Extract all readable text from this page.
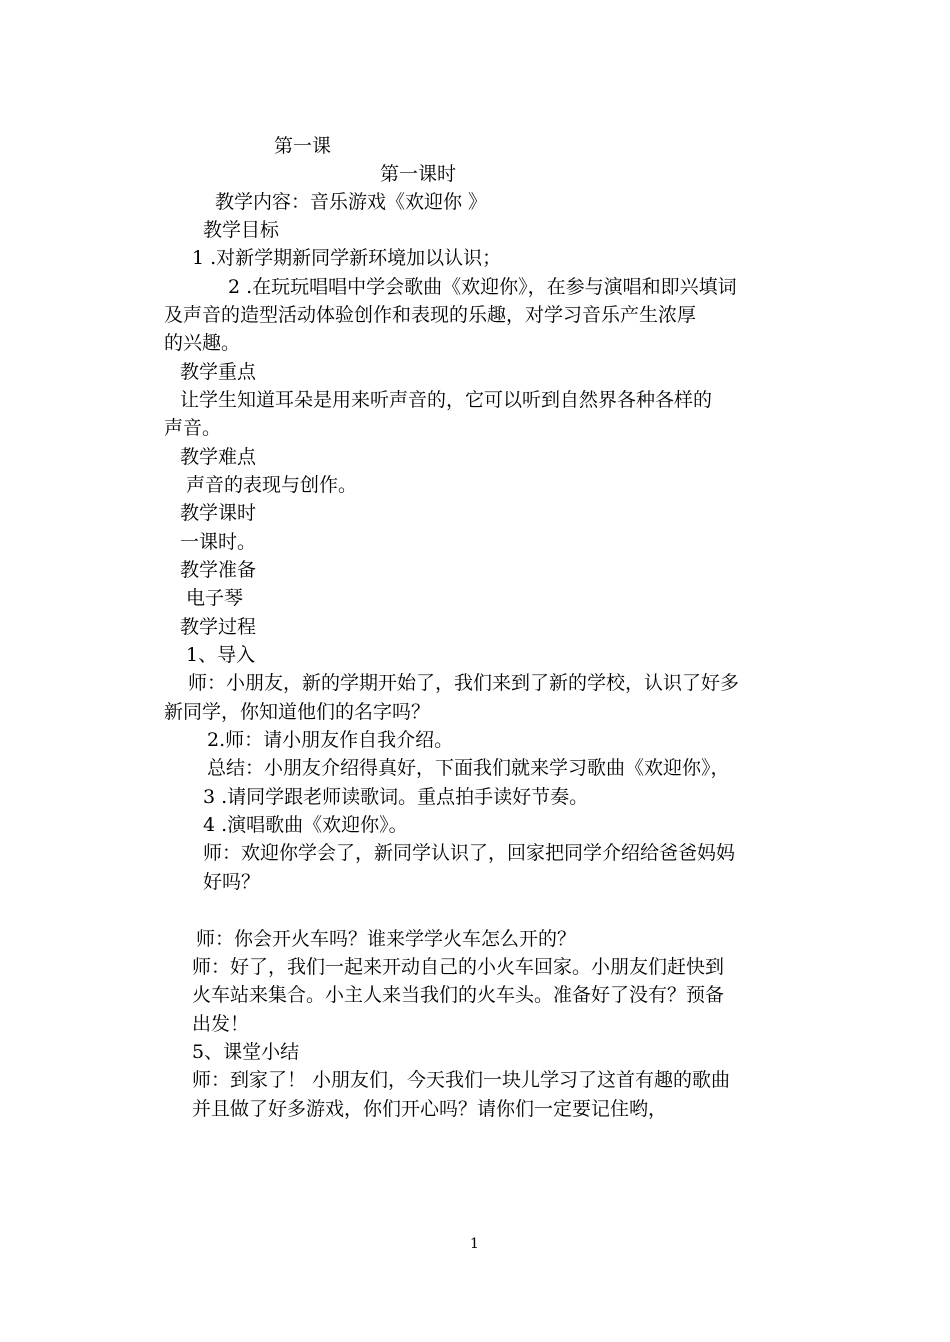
第一课

第一课时

教学内容：音乐游戏《欢迎你 》

教学目标

1 .对新学期新同学新环境加以认识；

2 .在玩玩唱唱中学会歌曲《欢迎你》，在参与演唱和即兴填词

及声音的造型活动体验创作和表现的乐趣，对学习音乐产生浓厚

的兴趣。

教学重点

让学生知道耳朵是用来听声音的，它可以听到自然界各种各样的

声音。

教学难点

声音的表现与创作。

教学课时

一课时。

教学准备

电子琴

教学过程

1、导入

师：小朋友，新的学期开始了，我们来到了新的学校，认识了好多

新同学，你知道他们的名字吗？

2.师：请小朋友作自我介绍。

总结：小朋友介绍得真好，下面我们就来学习歌曲《欢迎你》，

3 .请同学跟老师读歌词。重点拍手读好节奏。

4 .演唱歌曲《欢迎你》。

师：欢迎你学会了，新同学认识了，回家把同学介绍给爸爸妈妈

好吗？

师：你会开火车吗？谁来学学火车怎么开的？

师：好了，我们一起来开动自己的小火车回家。小朋友们赶快到

火车站来集合。小主人来当我们的火车头。准备好了没有？预备

出发！

5、课堂小结

师：到家了！ 小朋友们，今天我们一块儿学习了这首有趣的歌曲

并且做了好多游戏，你们开心吗？请你们一定要记住哟，

1
